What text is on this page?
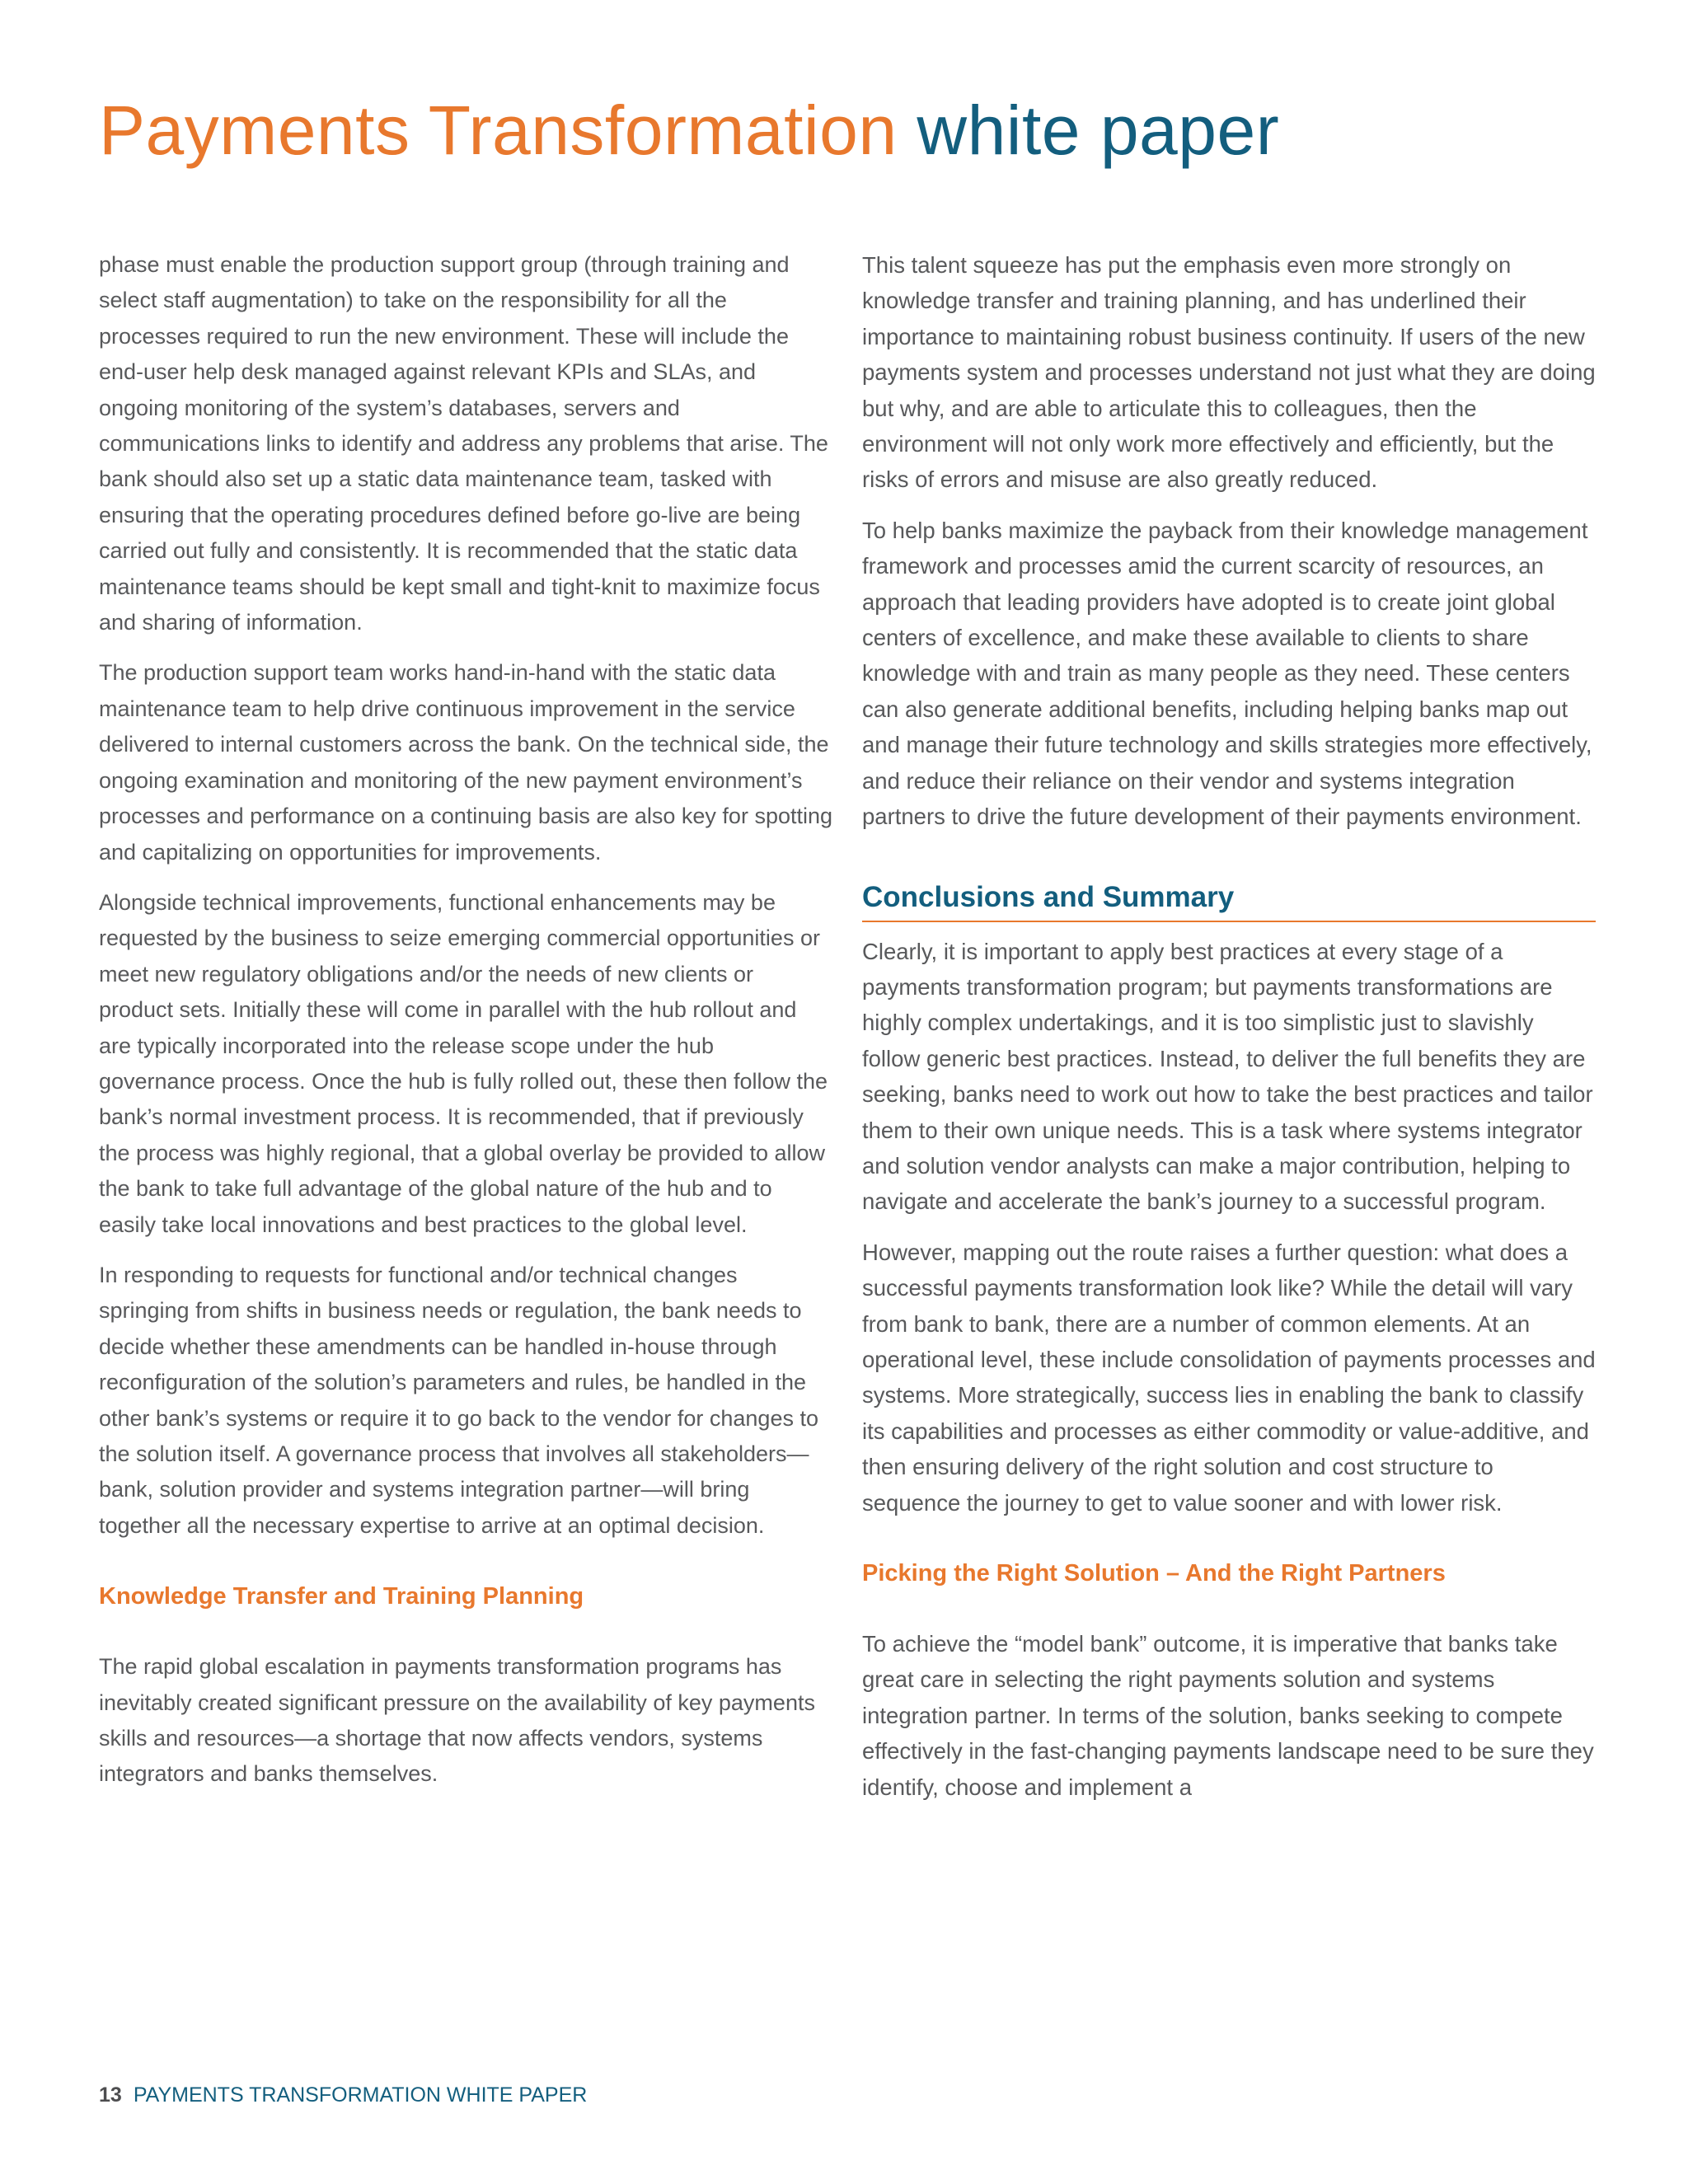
Payments Transformation white paper

phase must enable the production support group (through training and select staff augmentation) to take on the responsibility for all the processes required to run the new environment. These will include the end-user help desk managed against relevant KPIs and SLAs, and ongoing monitoring of the system’s databases, servers and communications links to identify and address any problems that arise. The bank should also set up a static data maintenance team, tasked with ensuring that the operating procedures defined before go-live are being carried out fully and consistently. It is recommended that the static data maintenance teams should be kept small and tight-knit to maximize focus and sharing of information.

The production support team works hand-in-hand with the static data maintenance team to help drive continuous improvement in the service delivered to internal customers across the bank. On the technical side, the ongoing examination and monitoring of the new payment environment’s processes and performance on a continuing basis are also key for spotting and capitalizing on opportunities for improvements.

Alongside technical improvements, functional enhancements may be requested by the business to seize emerging commercial opportunities or meet new regulatory obligations and/or the needs of new clients or product sets. Initially these will come in parallel with the hub rollout and are typically incorporated into the release scope under the hub governance process. Once the hub is fully rolled out, these then follow the bank’s normal investment process. It is recommended, that if previously the process was highly regional, that a global overlay be provided to allow the bank to take full advantage of the global nature of the hub and to easily take local innovations and best practices to the global level.

In responding to requests for functional and/or technical changes springing from shifts in business needs or regulation, the bank needs to decide whether these amendments can be handled in-house through reconfiguration of the solution’s parameters and rules, be handled in the other bank’s systems or require it to go back to the vendor for changes to the solution itself. A governance process that involves all stakeholders—bank, solution provider and systems integration partner—will bring together all the necessary expertise to arrive at an optimal decision.

Knowledge Transfer and Training Planning

The rapid global escalation in payments transformation programs has inevitably created significant pressure on the availability of key payments skills and resources—a shortage that now affects vendors, systems integrators and banks themselves.

This talent squeeze has put the emphasis even more strongly on knowledge transfer and training planning, and has underlined their importance to maintaining robust business continuity. If users of the new payments system and processes understand not just what they are doing but why, and are able to articulate this to colleagues, then the environment will not only work more effectively and efficiently, but the risks of errors and misuse are also greatly reduced.

To help banks maximize the payback from their knowledge management framework and processes amid the current scarcity of resources, an approach that leading providers have adopted is to create joint global centers of excellence, and make these available to clients to share knowledge with and train as many people as they need. These centers can also generate additional benefits, including helping banks map out and manage their future technology and skills strategies more effectively, and reduce their reliance on their vendor and systems integration partners to drive the future development of their payments environment.

Conclusions and Summary

Clearly, it is important to apply best practices at every stage of a payments transformation program; but payments transformations are highly complex undertakings, and it is too simplistic just to slavishly follow generic best practices. Instead, to deliver the full benefits they are seeking, banks need to work out how to take the best practices and tailor them to their own unique needs. This is a task where systems integrator and solution vendor analysts can make a major contribution, helping to navigate and accelerate the bank’s journey to a successful program.

However, mapping out the route raises a further question: what does a successful payments transformation look like? While the detail will vary from bank to bank, there are a number of common elements. At an operational level, these include consolidation of payments processes and systems. More strategically, success lies in enabling the bank to classify its capabilities and processes as either commodity or value-additive, and then ensuring delivery of the right solution and cost structure to sequence the journey to get to value sooner and with lower risk.

Picking the Right Solution – And the Right Partners

To achieve the “model bank” outcome, it is imperative that banks take great care in selecting the right payments solution and systems integration partner. In terms of the solution, banks seeking to compete effectively in the fast-changing payments landscape need to be sure they identify, choose and implement a

13 PAYMENTS TRANSFORMATION WHITE PAPER
